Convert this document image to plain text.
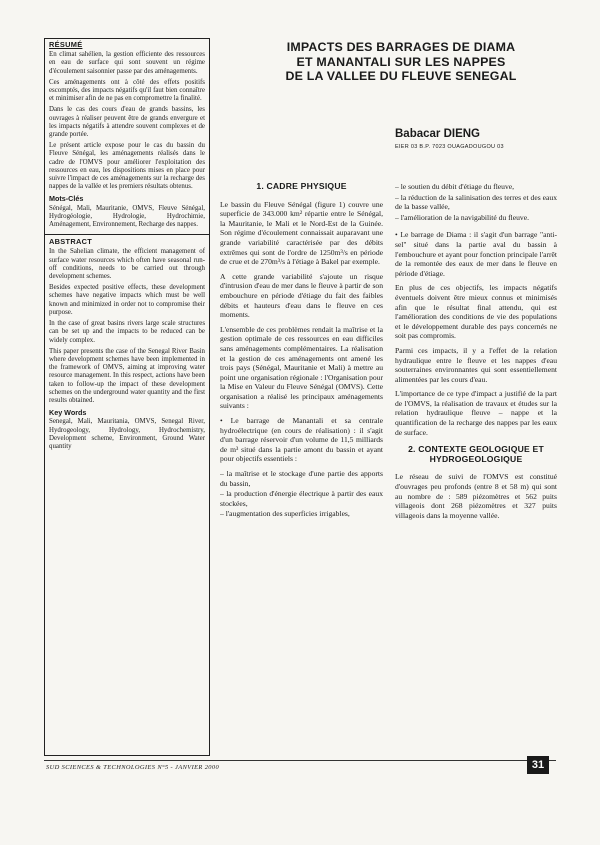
RÉSUMÉ

En climat sahélien, la gestion efficiente des ressources en eau de surface qui sont souvent un régime d'écoulement saisonnier passe par des aménagements.

Ces aménagements ont à côté des effets positifs escomptés, des impacts négatifs qu'il faut bien connaître et minimiser afin de ne pas en compromettre la finalité.

Dans le cas des cours d'eau de grands bassins, les ouvrages à réaliser peuvent être de grands envergure et les impacts négatifs à attendre souvent complexes et de grande portée.

Le présent article expose pour le cas du bassin du Fleuve Sénégal, les aménagements réalisés dans le cadre de l'OMVS pour améliorer l'exploitation des ressources en eau, les dispositions mises en place pour suivre l'impact de ces aménagements sur la recharge des nappes de la vallée et les premiers résultats obtenus.

Mots-Clés

Sénégal, Mali, Mauritanie, OMVS, Fleuve Sénégal, Hydrogéologie, Hydrologie, Hydrochimie, Aménagement, Environnement, Recharge des nappes.

ABSTRACT

In the Sahelian climate, the efficient management of surface water resources which often have seasonal run-off conditions, needs to be carried out through development schemes.

Besides expected positive effects, these development schemes have negative impacts which must be well known and minimized in order not to compromise their purpose.

In the case of great basins rivers large scale structures can be set up and the impacts to be reduced can be widely complex.

This paper presents the case of the Senegal River Basin where development schemes have been implemented in the framework of OMVS, aiming at improving water resource management. In this respect, actions have been taken to follow-up the impact of these development schemes on the underground water quantity and the first results obtained.

Key Words

Senegal, Mali, Mauritania, OMVS, Senegal River, Hydrogeology, Hydrology, Hydrochemistry, Development scheme, Environment, Ground Water quantity

IMPACTS DES BARRAGES DE DIAMA
ET MANANTALI SUR LES NAPPES
DE LA VALLEE DU FLEUVE SENEGAL
Babacar DIENG
EIER 03 B.P. 7023 OUAGADOUGOU 03
1. CADRE PHYSIQUE

Le bassin du Fleuve Sénégal (figure 1) couvre une superficie de 343.000 km² répartie entre le Sénégal, la Mauritanie, le Mali et le Nord-Est de la Guinée. Son régime d'écoulement connaissait auparavant une grande variabilité caractérisée par des débits extrêmes qui sont de l'ordre de 1250m³/s en période de crue et de 270m³/s à l'étiage à Bakel par exemple.

A cette grande variabilité s'ajoute un risque d'intrusion d'eau de mer dans le fleuve à partir de son embouchure en période d'étiage du fait des faibles débits et hauteurs d'eau dans le fleuve en ces moments.

L'ensemble de ces problèmes rendait la maîtrise et la gestion optimale de ces ressources en eau difficiles sans aménagements complémentaires. La réalisation et la gestion de ces aménagements ont amené les trois pays (Sénégal, Mauritanie et Mali) à mettre au point une organisation régionale : l'Organisation pour la Mise en Valeur du Fleuve Sénégal (OMVS). Cette organisation a réalisé les principaux aménagements suivants :

• Le barrage de Manantali et sa centrale hydroélectrique (en cours de réalisation) : il s'agit d'un barrage réservoir d'un volume de 11,5 milliards de m³ situé dans la partie amont du bassin et ayant pour objectifs essentiels :

– la maîtrise et le stockage d'une partie des apports du bassin,
– la production d'énergie électrique à partir des eaux stockées,
– l'augmentation des superficies irrigables,
– le soutien du débit d'étiage du fleuve,
– la réduction de la salinisation des terres et des eaux de la basse vallée,
– l'amélioration de la navigabilité du fleuve.

• Le barrage de Diama : il s'agit d'un barrage "anti-sel" situé dans la partie aval du bassin à l'embouchure et ayant pour fonction principale l'arrêt de la remontée des eaux de mer dans le fleuve en période d'étiage.

En plus de ces objectifs, les impacts négatifs éventuels doivent être mieux connus et minimisés afin que le résultat final attendu, qui est l'amélioration des conditions de vie des populations et le développement durable des pays concernés ne soit pas compromis.

Parmi ces impacts, il y a l'effet de la relation hydraulique entre le fleuve et les nappes d'eau souterraines environnantes qui sont essentiellement alimentées par les cours d'eau.

L'importance de ce type d'impact a justifié de la part de l'OMVS, la réalisation de travaux et études sur la relation hydraulique fleuve – nappe et la quantification de la recharge des nappes par les eaux de surface.

2. CONTEXTE GEOLOGIQUE ET HYDROGEOLOGIQUE

Le réseau de suivi de l'OMVS est constitué d'ouvrages peu profonds (entre 8 et 58 m) qui sont au nombre de : 589 piézomètres et 562 puits villageois dont 268 piézomètres et 327 puits villageois dans la moyenne vallée.

SUD SCIENCES & TECHNOLOGIES N°5 - JANVIER 2000	31
